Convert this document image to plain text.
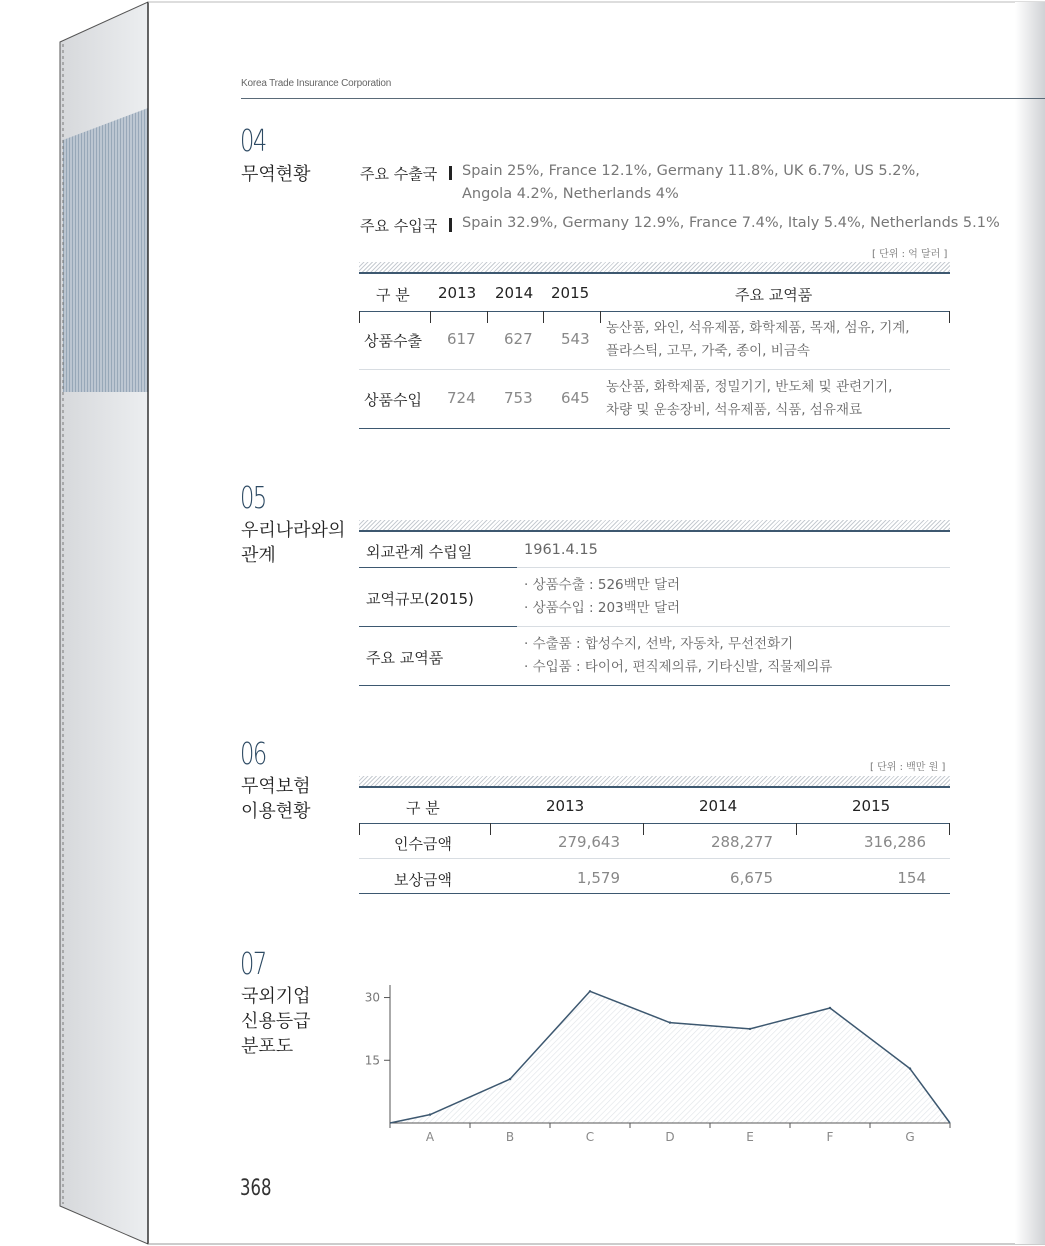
Korea Trade Insurance Corporation
04
무역현황	주요 수출국 Spain 25%, France 12.1%, Germany 11.8%, UK 6.7%, US 5.2%,
Angola 4.2%, Netherlands 4%
주요 수입국 Spain 32.9%, Germany 12.9%, France 7.4%, Italy 5.4%, Netherlands 5.1%
[ 단위 : 억 달러 ]
구 분 2013 2014 2015	주요 교역품
상품수출 617 627 543
농산품, 와인, 석유제품, 화학제품, 목재, 섬유, 기계,
플라스틱, 고무, 가죽, 종이, 비금속
상품수입 724 753 645
농산품, 화학제품, 정밀기기, 반도체 및 관련기기,
차량 및 운송장비, 석유제품, 식품, 섬유재료
05
우리나라와의
관계	외교관계 수립일	1961.4.15
교역규모(2015)
· 상품수출 : 526백만 달러
· 상품수입 : 203백만 달러
주요 교역품
· 수출품 : 합성수지, 선박, 자동차, 무선전화기
· 수입품 : 타이어, 편직제의류, 기타신발, 직물제의류
06
무역보험
이용현황
[ 단위 : 백만 원 ]
구 분	2013	2014	2015
인수금액	279,643	288,277	316,286
보상금액	1,579	6,675	154
07
국외기업
신용등급
분포도
15
30
A	B	C	D	E	F	G
368
